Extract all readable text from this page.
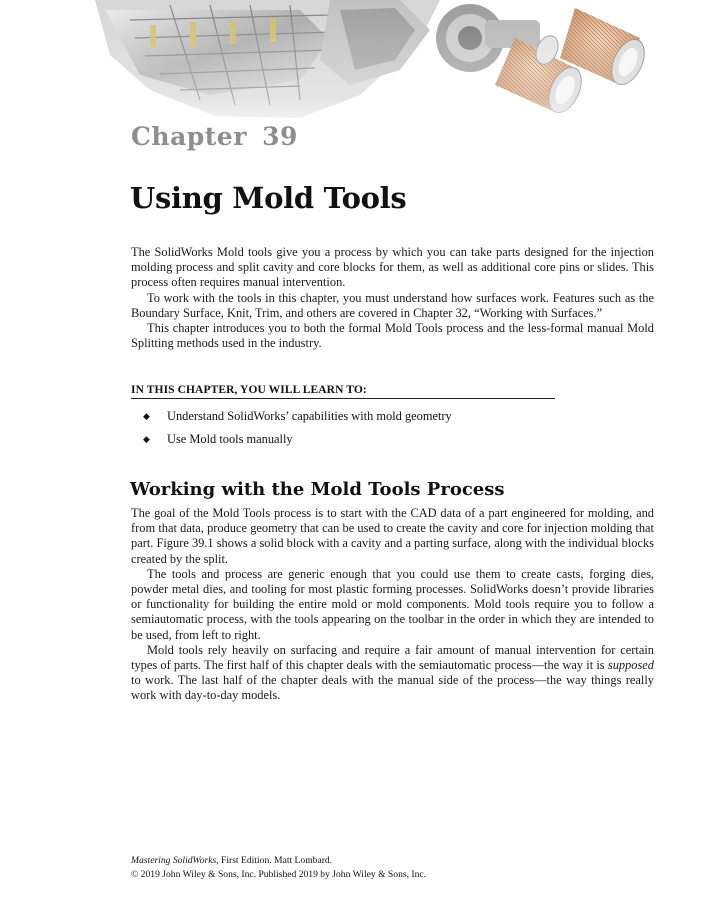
Chapter 39
Using Mold Tools

The SolidWorks Mold tools give you a process by which you can take parts designed for the injection molding process and split cavity and core blocks for them, as well as additional core pins or slides. This process often requires manual intervention.

To work with the tools in this chapter, you must understand how surfaces work. Features such as the Boundary Surface, Knit, Trim, and others are covered in Chapter 32, “Working with Surfaces.”

This chapter introduces you to both the formal Mold Tools process and the less-formal manual Mold Splitting methods used in the industry.

IN THIS CHAPTER, YOU WILL LEARN TO:
◆	Understand SolidWorks’ capabilities with mold geometry
◆	Use Mold tools manually
Working with the Mold Tools Process

The goal of the Mold Tools process is to start with the CAD data of a part engineered for molding, and from that data, produce geometry that can be used to create the cavity and core for injection molding that part. Figure 39.1 shows a solid block with a cavity and a parting surface, along with the individual blocks created by the split.

The tools and process are generic enough that you could use them to create casts, forging dies, powder metal dies, and tooling for most plastic forming processes. SolidWorks doesn’t provide libraries or functionality for building the entire mold or mold components. Mold tools require you to follow a semiautomatic process, with the tools appearing on the toolbar in the order in which they are intended to be used, from left to right.

Mold tools rely heavily on surfacing and require a fair amount of manual intervention for certain types of parts. The first half of this chapter deals with the semiautomatic process—the way it is supposed to work. The last half of the chapter deals with the manual side of the process—the way things really work with day-to-day models.

Mastering SolidWorks, First Edition. Matt Lombard.
© 2019 John Wiley & Sons, Inc. Published 2019 by John Wiley & Sons, Inc.
